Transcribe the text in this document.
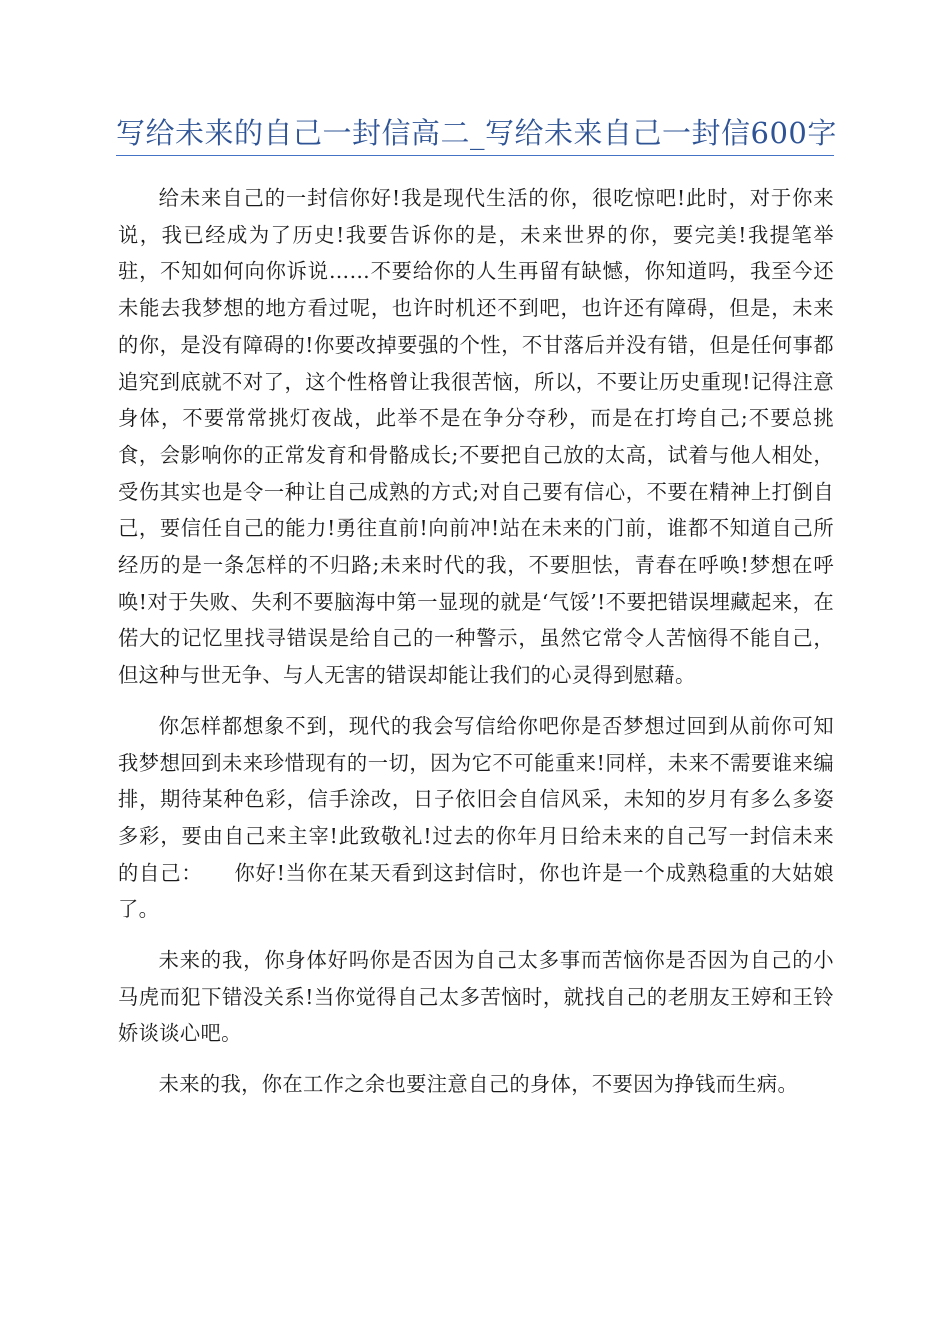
写给未来的自己一封信高二_写给未来自己一封信600字

给未来自己的一封信你好!我是现代生活的你，很吃惊吧!此时，对于你来说，我已经成为了历史!我要告诉你的是，未来世界的你，要完美!我提笔举驻，不知如何向你诉说……不要给你的人生再留有缺憾，你知道吗，我至今还未能去我梦想的地方看过呢，也许时机还不到吧，也许还有障碍，但是，未来的你，是没有障碍的!你要改掉要强的个性，不甘落后并没有错，但是任何事都追究到底就不对了，这个性格曾让我很苦恼，所以，不要让历史重现!记得注意身体，不要常常挑灯夜战，此举不是在争分夺秒，而是在打垮自己;不要总挑食，会影响你的正常发育和骨骼成长;不要把自己放的太高，试着与他人相处，受伤其实也是令一种让自己成熟的方式;对自己要有信心，不要在精神上打倒自己，要信任自己的能力!勇往直前!向前冲!站在未来的门前，谁都不知道自己所经历的是一条怎样的不归路;未来时代的我，不要胆怯，青春在呼唤!梦想在呼唤!对于失败、失利不要脑海中第一显现的就是‘气馁’!不要把错误埋藏起来，在偌大的记忆里找寻错误是给自己的一种警示，虽然它常令人苦恼得不能自己，但这种与世无争、与人无害的错误却能让我们的心灵得到慰藉。

你怎样都想象不到，现代的我会写信给你吧你是否梦想过回到从前你可知我梦想回到未来珍惜现有的一切，因为它不可能重来!同样，未来不需要谁来编排，期待某种色彩，信手涂改，日子依旧会自信风采，未知的岁月有多么多姿多彩，要由自己来主宰!此致敬礼!过去的你年月日给未来的自己写一封信未来的自己：　　你好!当你在某天看到这封信时，你也许是一个成熟稳重的大姑娘了。

未来的我，你身体好吗你是否因为自己太多事而苦恼你是否因为自己的小马虎而犯下错没关系!当你觉得自己太多苦恼时，就找自己的老朋友王婷和王铃娇谈谈心吧。

未来的我，你在工作之余也要注意自己的身体，不要因为挣钱而生病。
